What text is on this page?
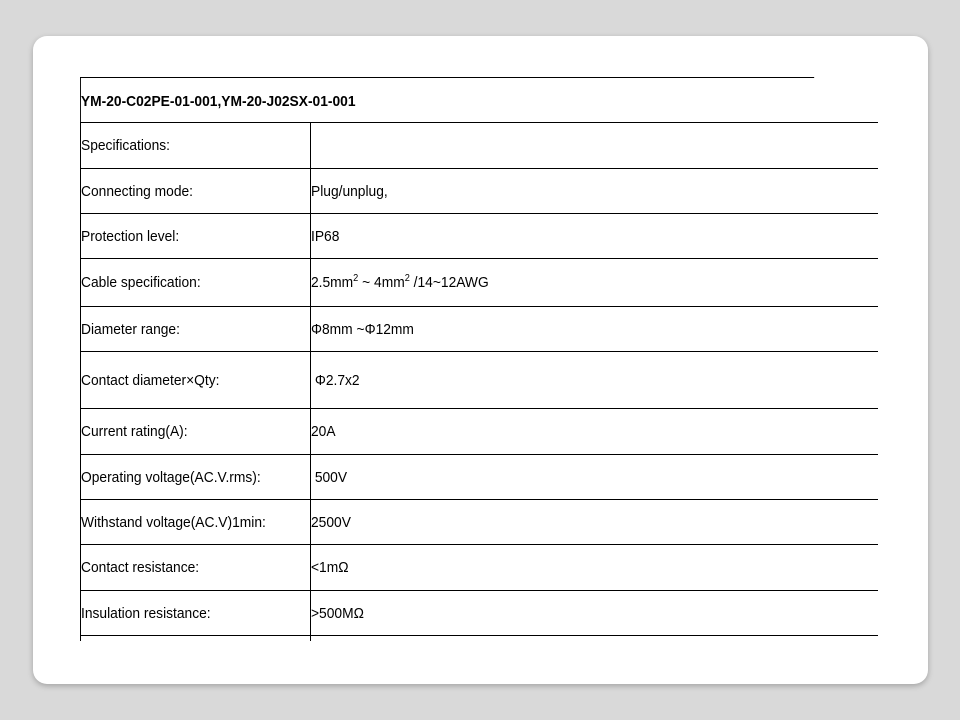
YM-20-C02PE-01-001,YM-20-J02SX-01-001
Specifications:
Connecting mode:	Plug/unplug,
Protection level:	IP68
Cable specification:	$2.5mm^2$ ~ $4mm^2$ /14~12AWG
Diameter range:	Φ8mm ~Φ12mm
Contact diameter×Qty:	Φ2.7x2
Current rating(A):	20A
Operating voltage(AC.V.rms):	500V
Withstand voltage(AC.V)1min:	2500V
Contact resistance:	<1mΩ
Insulation resistance:	>500MΩ
